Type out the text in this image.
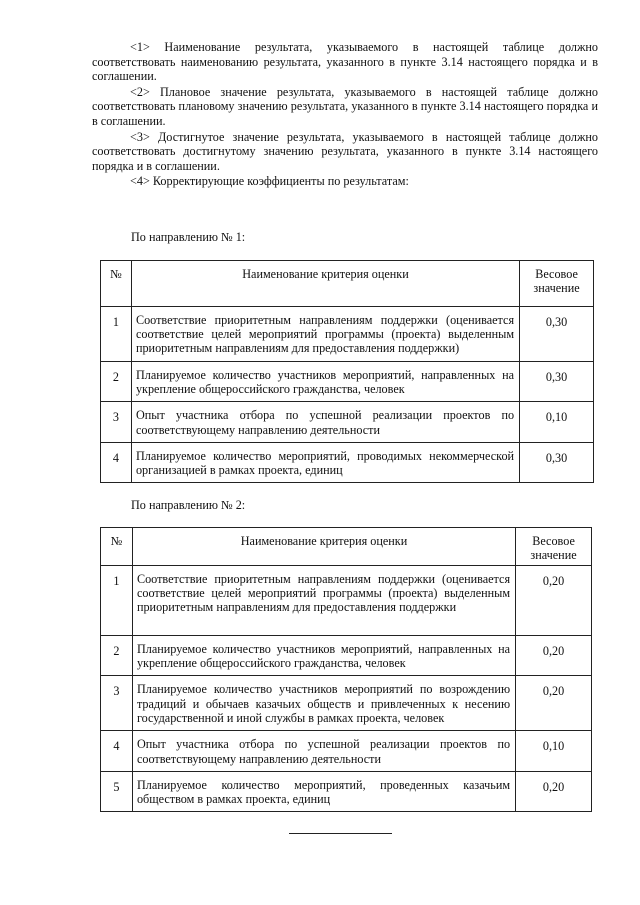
<1> Наименование результата, указываемого в настоящей таблице должно соответствовать наименованию результата, указанного в пункте 3.14 настоящего порядка и в соглашении.

<2> Плановое значение результата, указываемого в настоящей таблице должно соответствовать плановому значению результата, указанного в пункте 3.14 настоящего порядка и в соглашении.

<3> Достигнутое значение результата, указываемого в настоящей таблице должно соответствовать достигнутому значению результата, указанного в пункте 3.14 настоящего порядка и в соглашении.

<4> Корректирующие коэффициенты по результатам:

По направлению № 1:
№	Наименование критерия оценки	Весовое значение
1	Соответствие приоритетным направлениям поддержки (оценивается соответствие целей мероприятий программы (проекта) выделенным приоритетным направлениям для предоставления поддержки)	0,30
2	Планируемое количество участников мероприятий, направленных на укрепление общероссийского гражданства, человек	0,30
3	Опыт участника отбора по успешной реализации проектов по соответствующему направлению деятельности	0,10
4	Планируемое количество мероприятий, проводимых некоммерческой организацией в рамках проекта, единиц	0,30
По направлению № 2:
№	Наименование критерия оценки	Весовое значение
1	Соответствие приоритетным направлениям поддержки (оценивается соответствие целей мероприятий программы (проекта) выделенным приоритетным направлениям для предоставления поддержки	0,20
2	Планируемое количество участников мероприятий, направленных на укрепление общероссийского гражданства, человек	0,20
3	Планируемое количество участников мероприятий по возрождению традиций и обычаев казачьих обществ и привлеченных к несению государственной и иной службы в рамках проекта, человек	0,20
4	Опыт участника отбора по успешной реализации проектов по соответствующему направлению деятельности	0,10
5	Планируемое количество мероприятий, проведенных казачьим обществом в рамках проекта, единиц	0,20
